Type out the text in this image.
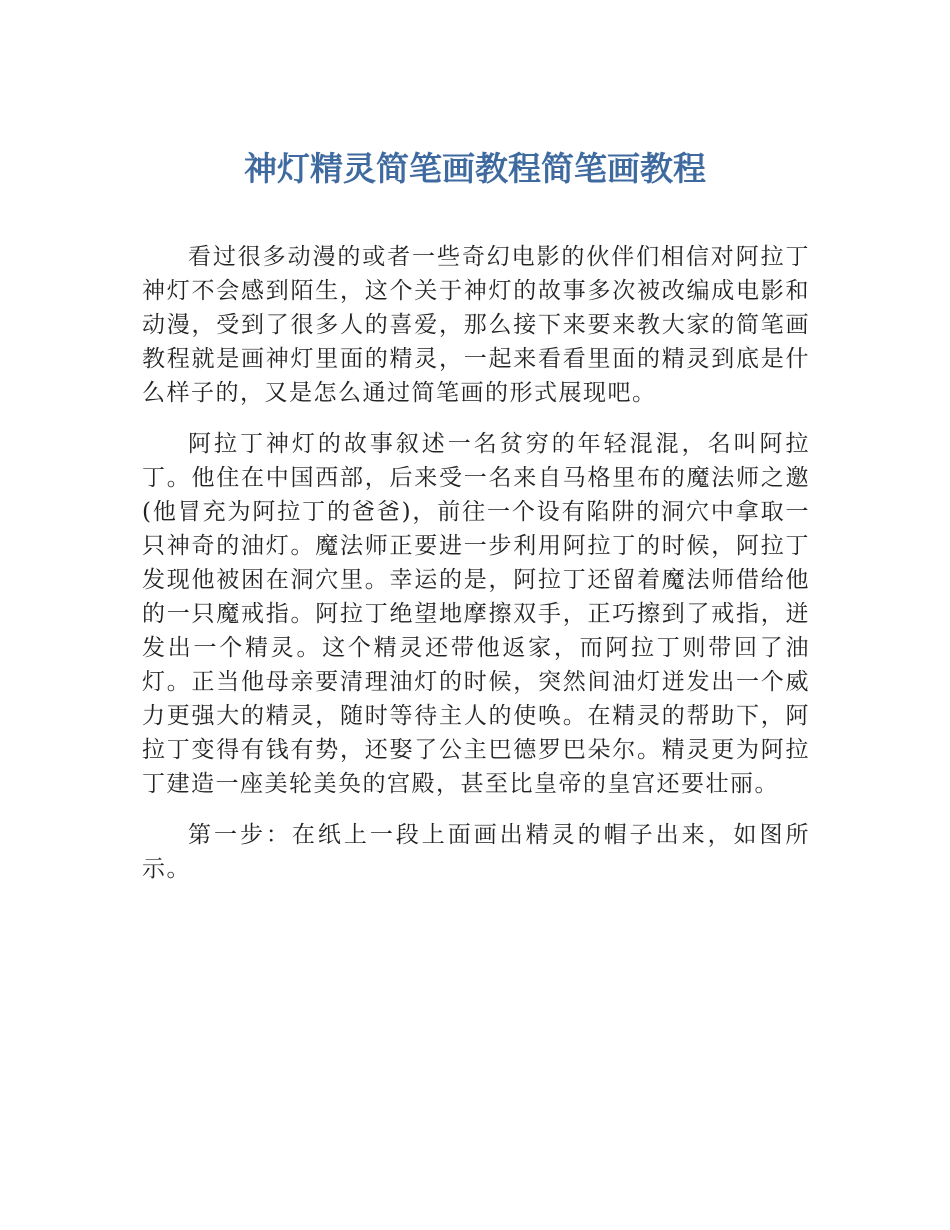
神灯精灵简笔画教程简笔画教程

看过很多动漫的或者一些奇幻电影的伙伴们相信对阿拉丁神灯不会感到陌生，这个关于神灯的故事多次被改编成电影和动漫，受到了很多人的喜爱，那么接下来要来教大家的简笔画教程就是画神灯里面的精灵，一起来看看里面的精灵到底是什么样子的，又是怎么通过简笔画的形式展现吧。

阿拉丁神灯的故事叙述一名贫穷的年轻混混，名叫阿拉丁。他住在中国西部，后来受一名来自马格里布的魔法师之邀(他冒充为阿拉丁的爸爸)，前往一个设有陷阱的洞穴中拿取一只神奇的油灯。魔法师正要进一步利用阿拉丁的时候，阿拉丁发现他被困在洞穴里。幸运的是，阿拉丁还留着魔法师借给他的一只魔戒指。阿拉丁绝望地摩擦双手，正巧擦到了戒指，迸发出一个精灵。这个精灵还带他返家，而阿拉丁则带回了油灯。正当他母亲要清理油灯的时候，突然间油灯迸发出一个威力更强大的精灵，随时等待主人的使唤。在精灵的帮助下，阿拉丁变得有钱有势，还娶了公主巴德罗巴朵尔。精灵更为阿拉丁建造一座美轮美奂的宫殿，甚至比皇帝的皇宫还要壮丽。

第一步：在纸上一段上面画出精灵的帽子出来，如图所示。
